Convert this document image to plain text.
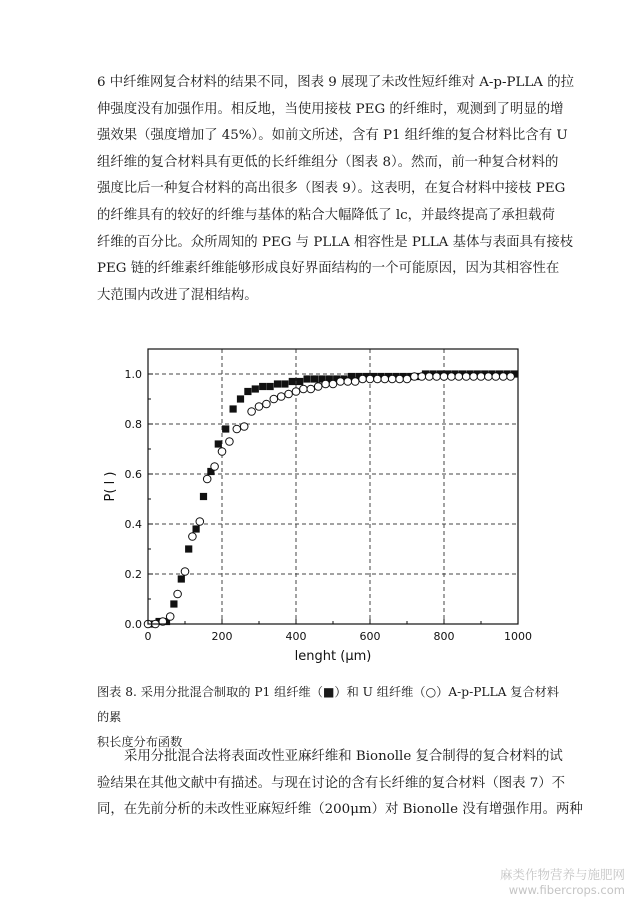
6 中纤维网复合材料的结果不同，图表 9 展现了未改性短纤维对 A-p-PLLA 的拉
伸强度没有加强作用。相反地，当使用接枝 PEG 的纤维时，观测到了明显的增
强效果（强度增加了 45%）。如前文所述，含有 P1 组纤维的复合材料比含有 U
组纤维的复合材料具有更低的长纤维组分（图表 8）。然而，前一种复合材料的
强度比后一种复合材料的高出很多（图表 9）。这表明，在复合材料中接枝 PEG
的纤维具有的较好的纤维与基体的粘合大幅降低了 lc，并最终提高了承担载荷
纤维的百分比。众所周知的 PEG 与 PLLA 相容性是 PLLA 基体与表面具有接枝
PEG 链的纤维素纤维能够形成良好界面结构的一个可能原因，因为其相容性在
大范围内改进了混相结构。
0	200	400	600	800	1000
0.0
0.2
0.4
0.6
0.8
1.0
lenght (μm)
P( l )
图表 8. 采用分批混合制取的 P1 组纤维（■）和 U 组纤维（○）A-p-PLLA 复合材料的累
积长度分布函数
采用分批混合法将表面改性亚麻纤维和 Bionolle 复合制得的复合材料的试
验结果在其他文献中有描述。与现在讨论的含有长纤维的复合材料（图表 7）不
同，在先前分析的未改性亚麻短纤维（200μm）对 Bionolle 没有增强作用。两种
麻类作物营养与施肥网
www.fibercrops.com
